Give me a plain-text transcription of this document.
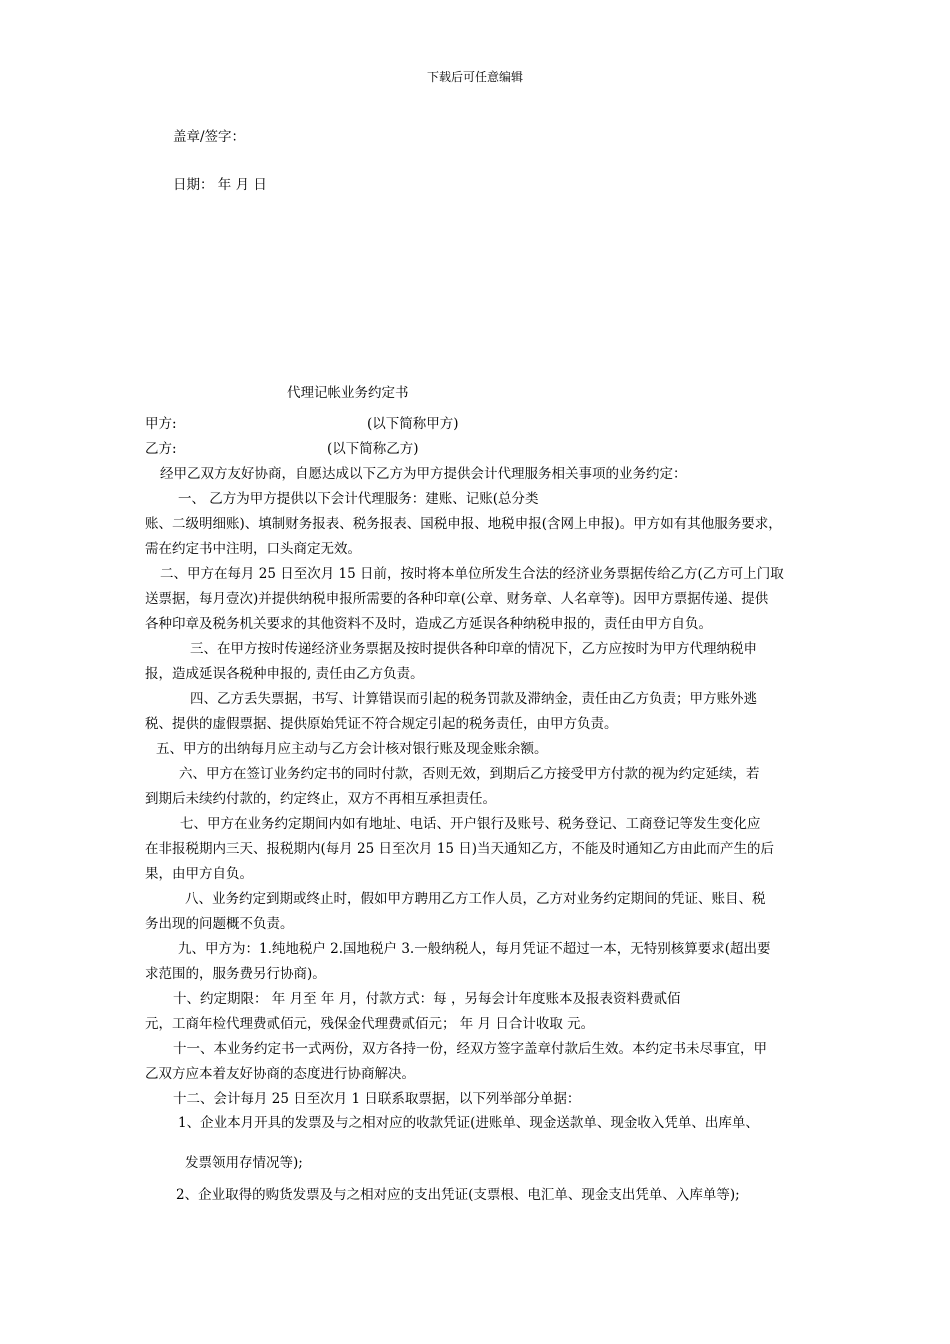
下载后可任意编辑
盖章/签字：
日期： 年 月 日
代理记帐业务约定书
甲方:	(以下简称甲方)
乙方:	(以下简称乙方)
经甲乙双方友好协商，自愿达成以下乙方为甲方提供会计代理服务相关事项的业务约定：
一、 乙方为甲方提供以下会计代理服务：建账、记账(总分类
账、二级明细账)、填制财务报表、税务报表、国税申报、地税申报(含网上申报)。甲方如有其他服务要求，
需在约定书中注明，口头商定无效。
二、甲方在每月 25 日至次月 15 日前，按时将本单位所发生合法的经济业务票据传给乙方(乙方可上门取
送票据，每月壹次)并提供纳税申报所需要的各种印章(公章、财务章、人名章等)。因甲方票据传递、提供
各种印章及税务机关要求的其他资料不及时，造成乙方延误各种纳税申报的，责任由甲方自负。
三、在甲方按时传递经济业务票据及按时提供各种印章的情况下，乙方应按时为甲方代理纳税申
报，造成延误各税种申报的, 责任由乙方负责。
四、乙方丢失票据，书写、计算错误而引起的税务罚款及滞纳金，责任由乙方负责；甲方账外逃
税、提供的虚假票据、提供原始凭证不符合规定引起的税务责任，由甲方负责。
五、甲方的出纳每月应主动与乙方会计核对银行账及现金账余额。
六、甲方在签订业务约定书的同时付款，否则无效，到期后乙方接受甲方付款的视为约定延续，若
到期后未续约付款的，约定终止，双方不再相互承担责任。
七、甲方在业务约定期间内如有地址、电话、开户银行及账号、税务登记、工商登记等发生变化应
在非报税期内三天、报税期内(每月 25 日至次月 15 日)当天通知乙方，不能及时通知乙方由此而产生的后
果，由甲方自负。
八、业务约定到期或终止时，假如甲方聘用乙方工作人员，乙方对业务约定期间的凭证、账目、税
务出现的问题概不负责。
九、甲方为：1.纯地税户 2.国地税户 3.一般纳税人，每月凭证不超过一本，无特别核算要求(超出要
求范围的，服务费另行协商)。
十、约定期限： 年 月至 年 月，付款方式：每 ，另每会计年度账本及报表资料费贰佰
元，工商年检代理费贰佰元，残保金代理费贰佰元； 年 月 日合计收取 元。
十一、本业务约定书一式两份，双方各持一份，经双方签字盖章付款后生效。本约定书未尽事宜，甲
乙双方应本着友好协商的态度进行协商解决。
十二、会计每月 25 日至次月 1 日联系取票据，以下列举部分单据：
1、企业本月开具的发票及与之相对应的收款凭证(进账单、现金送款单、现金收入凭单、出库单、
发票领用存情况等);
2、企业取得的购货发票及与之相对应的支出凭证(支票根、电汇单、现金支出凭单、入库单等);
